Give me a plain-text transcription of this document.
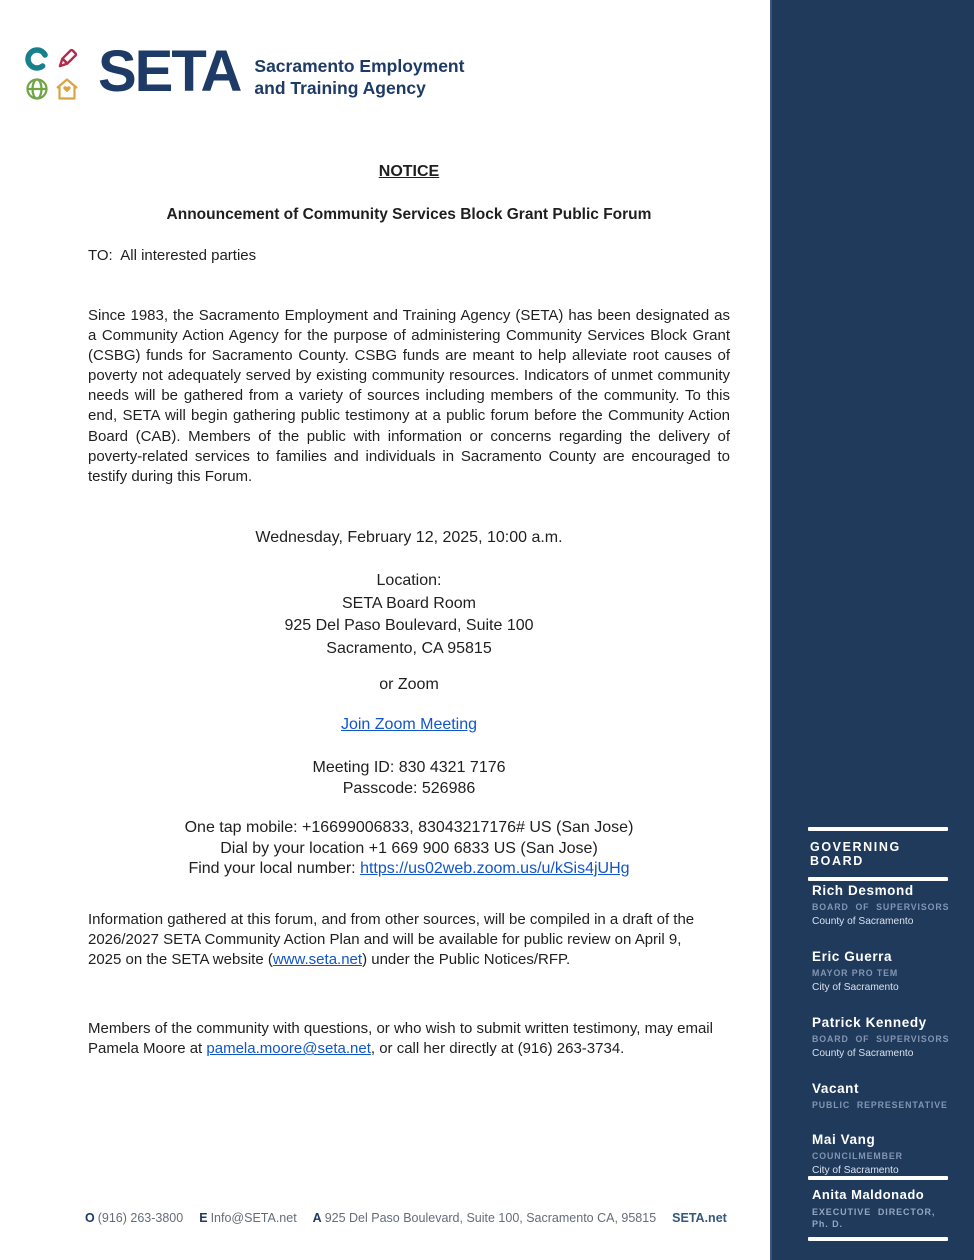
SETA Sacramento Employment
and Training Agency
NOTICE
Announcement of Community Services Block Grant Public Forum
TO:  All interested parties
Since 1983, the Sacramento Employment and Training Agency (SETA) has been designated as a Community Action Agency for the purpose of administering Community Services Block Grant (CSBG) funds for Sacramento County. CSBG funds are meant to help alleviate root causes of poverty not adequately served by existing community resources. Indicators of unmet community needs will be gathered from a variety of sources including members of the community. To this end, SETA will begin gathering public testimony at a public forum before the Community Action Board (CAB). Members of the public with information or concerns regarding the delivery of poverty-related services to families and individuals in Sacramento County are encouraged to testify during this Forum.
Wednesday, February 12, 2025, 10:00 a.m.
Location:
SETA Board Room
925 Del Paso Boulevard, Suite 100
Sacramento, CA 95815
or Zoom
Join Zoom Meeting
Meeting ID: 830 4321 7176
Passcode: 526986
One tap mobile: +16699006833, 83043217176# US (San Jose)
Dial by your location +1 669 900 6833 US (San Jose)
Find your local number: https://us02web.zoom.us/u/kSis4jUHg
Information gathered at this forum, and from other sources, will be compiled in a draft of the 2026/2027 SETA Community Action Plan and will be available for public review on April 9, 2025 on the SETA website (www.seta.net) under the Public Notices/RFP.
Members of the community with questions, or who wish to submit written testimony, may email Pamela Moore at pamela.moore@seta.net, or call her directly at (916) 263-3734.
O (916) 263-3800 E Info@SETA.net A 925 Del Paso Boulevard, Suite 100, Sacramento CA, 95815 SETA.net
GOVERNING  BOARD
Rich Desmond
BOARD  OF  SUPERVISORS
County of Sacramento
Eric Guerra
MAYOR PRO TEM
City of Sacramento
Patrick Kennedy
BOARD  OF  SUPERVISORS
County of Sacramento
Vacant
PUBLIC  REPRESENTATIVE
Mai Vang
COUNCILMEMBER
City of Sacramento
Anita Maldonado
EXECUTIVE  DIRECTOR, Ph. D.
